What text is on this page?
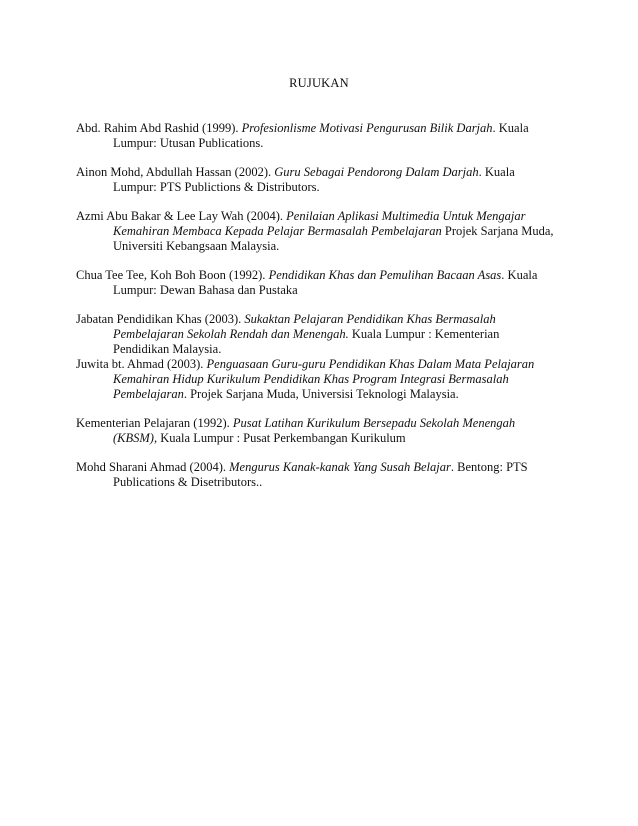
RUJUKAN

Abd. Rahim Abd Rashid (1999). Profesionlisme Motivasi Pengurusan Bilik Darjah. Kuala Lumpur: Utusan Publications.

Ainon Mohd, Abdullah Hassan (2002). Guru Sebagai Pendorong Dalam Darjah. Kuala Lumpur: PTS Publictions & Distributors.

Azmi Abu Bakar & Lee Lay Wah (2004). Penilaian Aplikasi Multimedia Untuk Mengajar Kemahiran Membaca Kepada Pelajar Bermasalah Pembelajaran Projek Sarjana Muda, Universiti Kebangsaan Malaysia.

Chua Tee Tee, Koh Boh Boon (1992). Pendidikan Khas dan Pemulihan Bacaan Asas. Kuala Lumpur: Dewan Bahasa dan Pustaka

Jabatan Pendidikan Khas (2003). Sukaktan Pelajaran Pendidikan Khas Bermasalah Pembelajaran Sekolah Rendah dan Menengah. Kuala Lumpur : Kementerian Pendidikan Malaysia.

Juwita bt. Ahmad (2003). Penguasaan Guru-guru Pendidikan Khas Dalam Mata Pelajaran Kemahiran Hidup Kurikulum Pendidikan Khas Program Integrasi Bermasalah Pembelajaran. Projek Sarjana Muda, Universisi Teknologi Malaysia.

Kementerian Pelajaran (1992). Pusat Latihan Kurikulum Bersepadu Sekolah Menengah (KBSM), Kuala Lumpur : Pusat Perkembangan Kurikulum

Mohd Sharani Ahmad (2004). Mengurus Kanak-kanak Yang Susah Belajar. Bentong: PTS Publications & Disetributors..
